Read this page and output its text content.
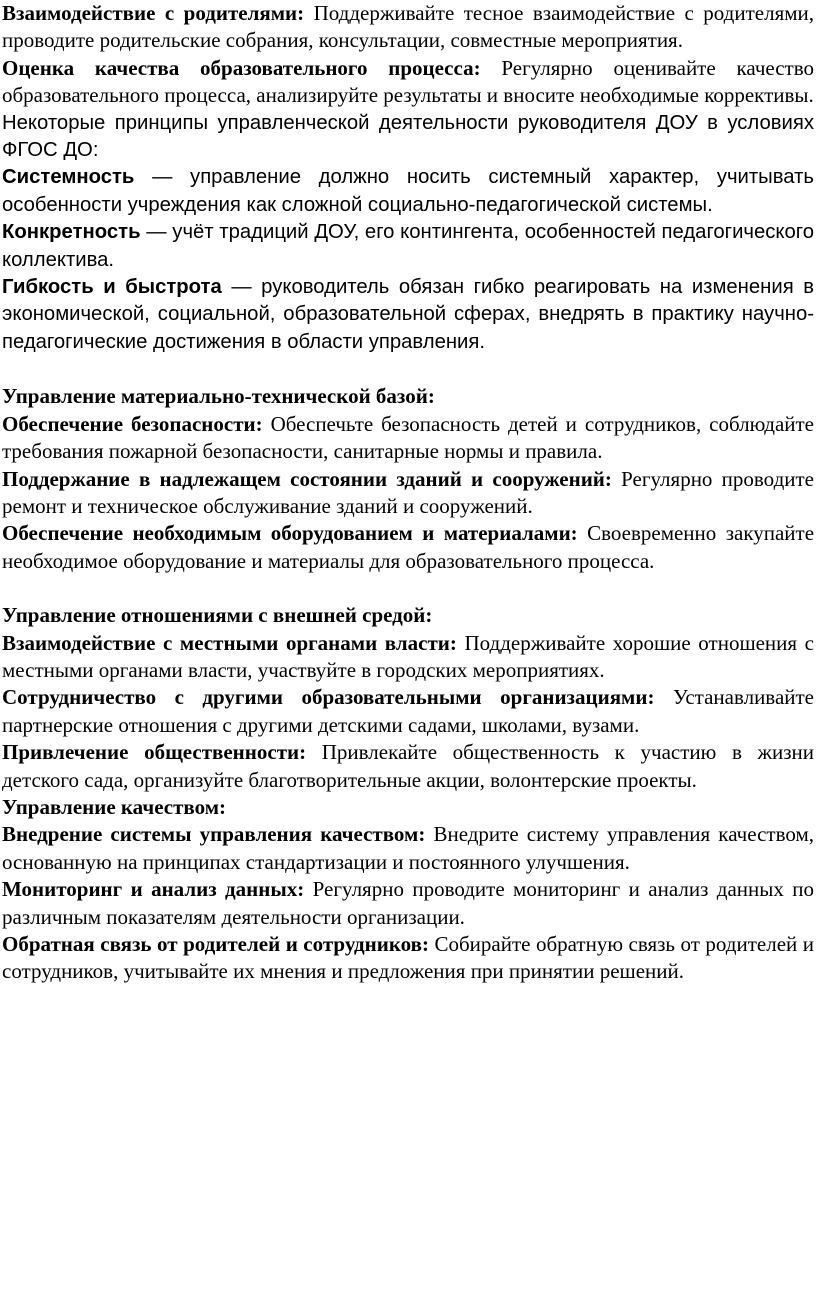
Взаимодействие с родителями: Поддерживайте тесное взаимодействие с родителями, проводите родительские собрания, консультации, совместные мероприятия.

Оценка качества образовательного процесса: Регулярно оценивайте качество образовательного процесса, анализируйте результаты и вносите необходимые коррективы.

Некоторые принципы управленческой деятельности руководителя ДОУ в условиях ФГОС ДО:

Системность — управление должно носить системный характер, учитывать особенности учреждения как сложной социально-педагогической системы.

Конкретность — учёт традиций ДОУ, его контингента, особенностей педагогического коллектива.

Гибкость и быстрота — руководитель обязан гибко реагировать на изменения в экономической, социальной, образовательной сферах, внедрять в практику научно-педагогические достижения в области управления.

Управление материально-технической базой:

Обеспечение безопасности: Обеспечьте безопасность детей и сотрудников, соблюдайте требования пожарной безопасности, санитарные нормы и правила.

Поддержание в надлежащем состоянии зданий и сооружений: Регулярно проводите ремонт и техническое обслуживание зданий и сооружений.

Обеспечение необходимым оборудованием и материалами: Своевременно закупайте необходимое оборудование и материалы для образовательного процесса.

Управление отношениями с внешней средой:

Взаимодействие с местными органами власти: Поддерживайте хорошие отношения с местными органами власти, участвуйте в городских мероприятиях.

Сотрудничество с другими образовательными организациями: Устанавливайте партнерские отношения с другими детскими садами, школами, вузами.

Привлечение общественности: Привлекайте общественность к участию в жизни детского сада, организуйте благотворительные акции, волонтерские проекты.

Управление качеством:

Внедрение системы управления качеством: Внедрите систему управления качеством, основанную на принципах стандартизации и постоянного улучшения.

Мониторинг и анализ данных: Регулярно проводите мониторинг и анализ данных по различным показателям деятельности организации.

Обратная связь от родителей и сотрудников: Собирайте обратную связь от родителей и сотрудников, учитывайте их мнения и предложения при принятии решений.
